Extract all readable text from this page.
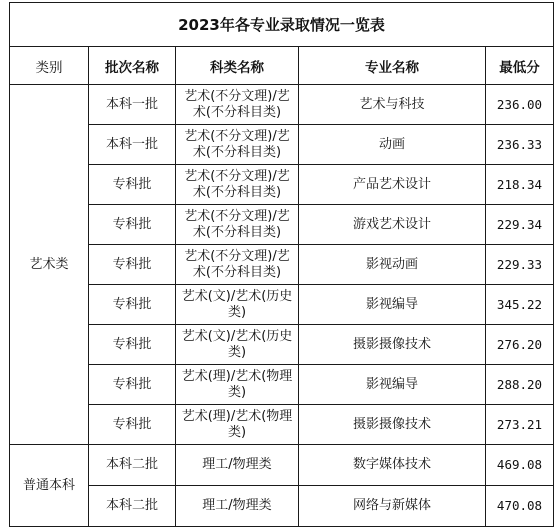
2023年各专业录取情况一览表				
类别	批次名称	科类名称	专业名称	最低分
艺术类	本科一批	艺术(不分文理)/艺术(不分科目类)	艺术与科技	236.00
	本科一批	艺术(不分文理)/艺术(不分科目类)	动画	236.33
	专科批	艺术(不分文理)/艺术(不分科目类)	产品艺术设计	218.34
	专科批	艺术(不分文理)/艺术(不分科目类)	游戏艺术设计	229.34
	专科批	艺术(不分文理)/艺术(不分科目类)	影视动画	229.33
	专科批	艺术(文)/艺术(历史类)	影视编导	345.22
	专科批	艺术(文)/艺术(历史类)	摄影摄像技术	276.20
	专科批	艺术(理)/艺术(物理类)	影视编导	288.20
	专科批	艺术(理)/艺术(物理类)	摄影摄像技术	273.21
普通本科	本科二批	理工/物理类	数字媒体技术	469.08
	本科二批	理工/物理类	网络与新媒体	470.08
